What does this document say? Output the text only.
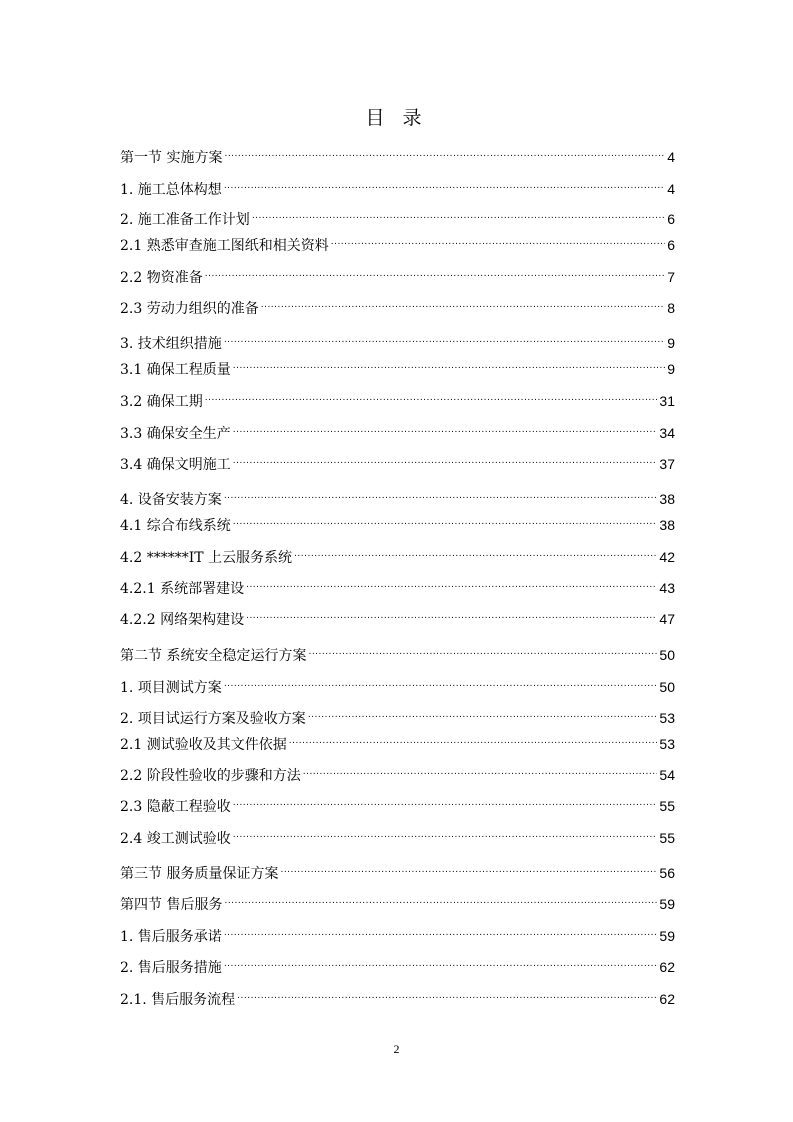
目 录
第一节 实施方案 .....	4
1. 施工总体构想 .....	4
2. 施工准备工作计划 .....	6
2.1 熟悉审查施工图纸和相关资料 .....	6
2.2 物资准备 .....	7
2.3 劳动力组织的准备 .....	8
3. 技术组织措施 .....	9
3.1 确保工程质量 .....	9
3.2 确保工期 .....	31
3.3 确保安全生产 .....	34
3.4 确保文明施工 .....	37
4. 设备安装方案 .....	38
4.1 综合布线系统 .....	38
4.2 ******IT 上云服务系统 .....	42
4.2.1 系统部署建设 .....	43
4.2.2 网络架构建设 .....	47
第二节 系统安全稳定运行方案 .....	50
1. 项目测试方案 .....	50
2. 项目试运行方案及验收方案 .....	53
2.1 测试验收及其文件依据 .....	53
2.2 阶段性验收的步骤和方法 .....	54
2.3 隐蔽工程验收 .....	55
2.4 竣工测试验收 .....	55
第三节 服务质量保证方案 .....	56
第四节 售后服务 .....	59
1. 售后服务承诺 .....	59
2. 售后服务措施 .....	62
2.1. 售后服务流程 .....	62
2
